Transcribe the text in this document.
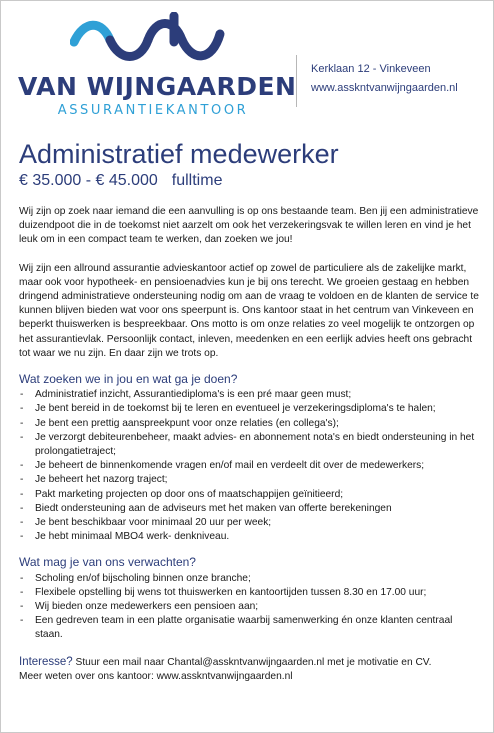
VAN WIJNGAARDEN
ASSURANTIEKANTOOR
Kerklaan 12 - Vinkeveen
www.asskntvanwijngaarden.nl
Administratief medewerker
€ 35.000 - € 45.000 fulltime

Wij zijn op zoek naar iemand die een aanvulling is op ons bestaande team. Ben jij een administratieve duizendpoot die in de toekomst niet aarzelt om ook het verzekeringsvak te willen leren en vind je het leuk om in een compact team te werken, dan zoeken we jou!

Wij zijn een allround assurantie advieskantoor actief op zowel de particuliere als de zakelijke markt, maar ook voor hypotheek- en pensioenadvies kun je bij ons terecht. We groeien gestaag en hebben dringend administratieve ondersteuning nodig om aan de vraag te voldoen en de klanten de service te kunnen blijven bieden wat voor ons speerpunt is. Ons kantoor staat in het centrum van Vinkeveen en beperkt thuiswerken is bespreekbaar. Ons motto is om onze relaties zo veel mogelijk te ontzorgen op het assurantievlak. Persoonlijk contact, inleven, meedenken en een eerlijk advies heeft ons gebracht tot waar we nu zijn. En daar zijn we trots op.

Wat zoeken we in jou en wat ga je doen?
- Administratief inzicht, Assurantiediploma's is een pré maar geen must;
- Je bent bereid in de toekomst bij te leren en eventueel je verzekeringsdiploma's te halen;
- Je bent een prettig aanspreekpunt voor onze relaties (en collega's);
- Je verzorgt debiteurenbeheer, maakt advies- en abonnement nota's en biedt ondersteuning in het prolongatietraject;
- Je beheert de binnenkomende vragen en/of mail en verdeelt dit over de medewerkers;
- Je beheert het nazorg traject;
- Pakt marketing projecten op door ons of maatschappijen geïnitieerd;
- Biedt ondersteuning aan de adviseurs met het maken van offerte berekeningen
- Je bent beschikbaar voor minimaal 20 uur per week;
- Je hebt minimaal MBO4 werk- denkniveau.
Wat mag je van ons verwachten?
- Scholing en/of bijscholing binnen onze branche;
- Flexibele opstelling bij wens tot thuiswerken en kantoortijden tussen 8.30 en 17.00 uur;
- Wij bieden onze medewerkers een pensioen aan;
- Een gedreven team in een platte organisatie waarbij samenwerking én onze klanten centraal staan.

Interesse? Stuur een mail naar Chantal@asskntvanwijngaarden.nl met je motivatie en CV.
Meer weten over ons kantoor: www.asskntvanwijngaarden.nl
